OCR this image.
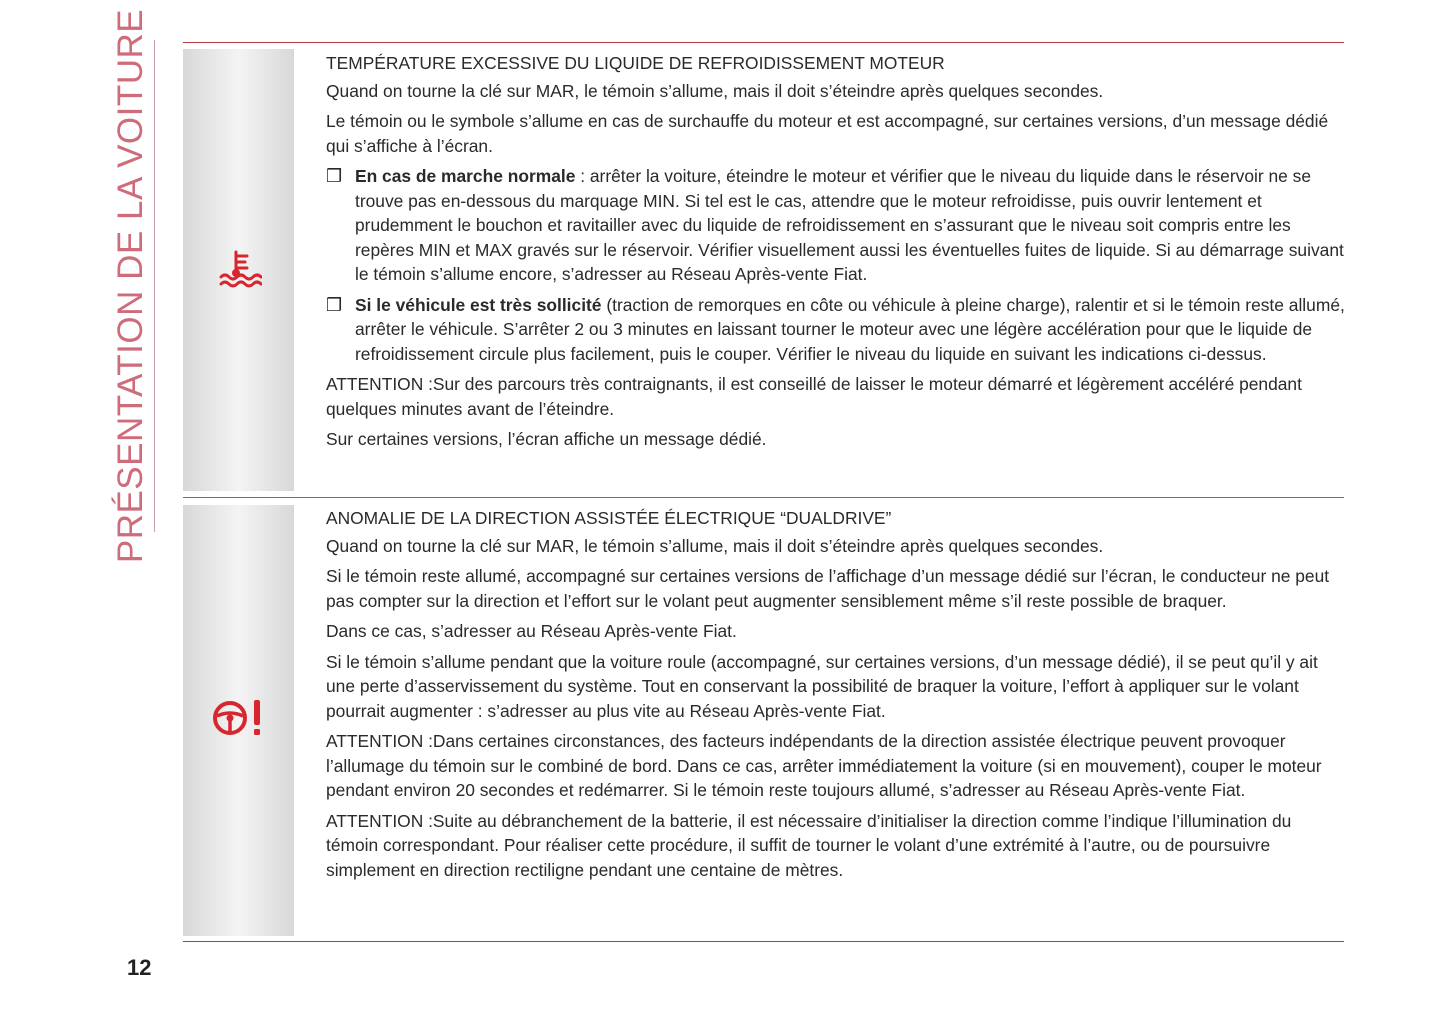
PRÉSENTATION DE LA VOITURE	TEMPÉRATURE EXCESSIVE DU LIQUIDE DE REFROIDISSEMENT MOTEUR

Quand on tourne la clé sur MAR, le témoin s’allume, mais il doit s’éteindre après quelques secondes.

Le témoin ou le symbole s’allume en cas de surchauffe du moteur et est accompagné, sur certaines versions, d’un message dédié qui s’affiche à l’écran.

❒ En cas de marche normale : arrêter la voiture, éteindre le moteur et vérifier que le niveau du liquide dans le réservoir ne se trouve pas en-dessous du marquage MIN. Si tel est le cas, attendre que le moteur refroidisse, puis ouvrir lentement et prudemment le bouchon et ravitailler avec du liquide de refroidissement en s’assurant que le niveau soit compris entre les repères MIN et MAX gravés sur le réservoir. Vérifier visuellement aussi les éventuelles fuites de liquide. Si au démarrage suivant le témoin s’allume encore, s’adresser au Réseau Après-vente Fiat.
❒ Si le véhicule est très sollicité (traction de remorques en côte ou véhicule à pleine charge), ralentir et si le témoin reste allumé, arrêter le véhicule. S’arrêter 2 ou 3 minutes en laissant tourner le moteur avec une légère accélération pour que le liquide de refroidissement circule plus facilement, puis le couper. Vérifier le niveau du liquide en suivant les indications ci-dessus.

ATTENTION :Sur des parcours très contraignants, il est conseillé de laisser le moteur démarré et légèrement accéléré pendant quelques minutes avant de l’éteindre.

Sur certaines versions, l’écran affiche un message dédié.

ANOMALIE DE LA DIRECTION ASSISTÉE ÉLECTRIQUE “DUALDRIVE”

Quand on tourne la clé sur MAR, le témoin s’allume, mais il doit s’éteindre après quelques secondes.

Si le témoin reste allumé, accompagné sur certaines versions de l’affichage d’un message dédié sur l’écran, le conducteur ne peut pas compter sur la direction et l’effort sur le volant peut augmenter sensiblement même s’il reste possible de braquer.

Dans ce cas, s’adresser au Réseau Après-vente Fiat.

Si le témoin s’allume pendant que la voiture roule (accompagné, sur certaines versions, d’un message dédié), il se peut qu’il y ait une perte d’asservissement du système. Tout en conservant la possibilité de braquer la voiture, l’effort à appliquer sur le volant pourrait augmenter : s’adresser au plus vite au Réseau Après-vente Fiat.

ATTENTION :Dans certaines circonstances, des facteurs indépendants de la direction assistée électrique peuvent provoquer l’allumage du témoin sur le combiné de bord. Dans ce cas, arrêter immédiatement la voiture (si en mouvement), couper le moteur pendant environ 20 secondes et redémarrer. Si le témoin reste toujours allumé, s’adresser au Réseau Après-vente Fiat.

ATTENTION :Suite au débranchement de la batterie, il est nécessaire d’initialiser la direction comme l’indique l’illumination du témoin correspondant. Pour réaliser cette procédure, il suffit de tourner le volant d’une extrémité à l’autre, ou de poursuivre simplement en direction rectiligne pendant une centaine de mètres.

12
